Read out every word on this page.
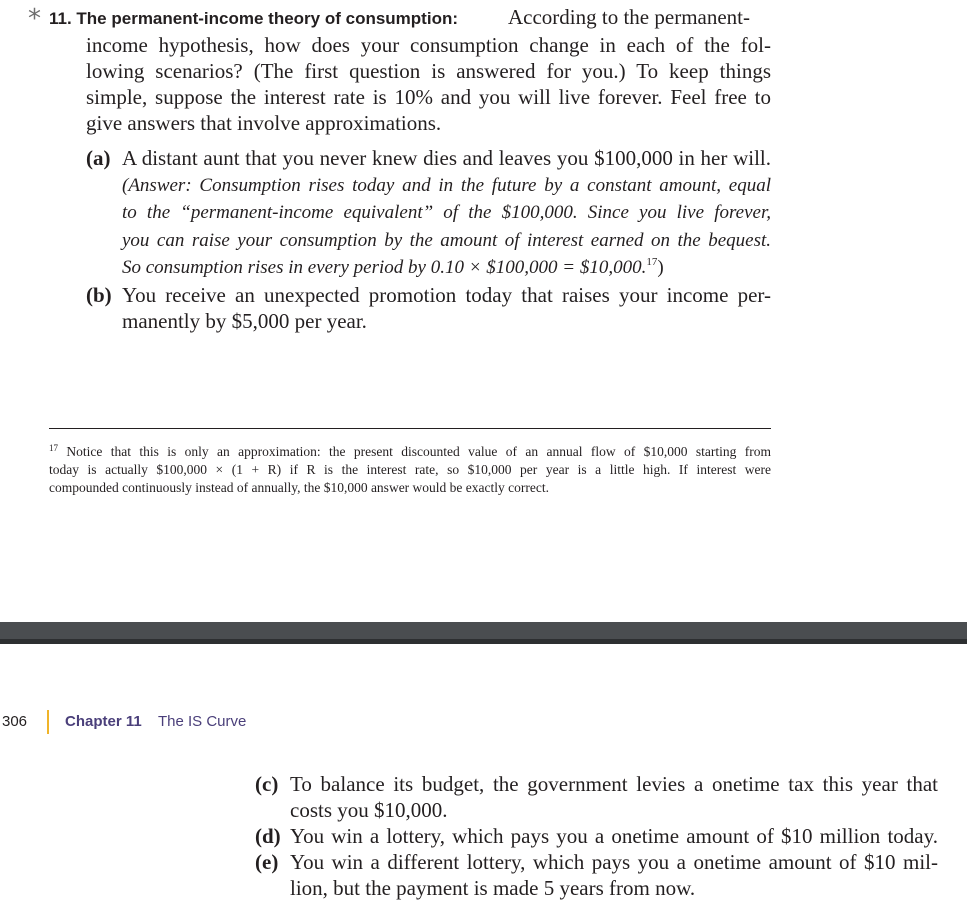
* 11. The permanent-income theory of consumption: According to the permanent-
income hypothesis, how does your consumption change in each of the fol-
lowing scenarios? (The first question is answered for you.) To keep things
simple, suppose the interest rate is 10% and you will live forever. Feel free to
give answers that involve approximations.
(a) A distant aunt that you never knew dies and leaves you $100,000 in her will.
(Answer: Consumption rises today and in the future by a constant amount, equal
to the “permanent-income equivalent” of the $100,000. Since you live forever,
you can raise your consumption by the amount of interest earned on the bequest.
So consumption rises in every period by 0.10 × $100,000 = $10,000.17)
(b) You receive an unexpected promotion today that raises your income per-
manently by $5,000 per year.
$^{17}$ Notice that this is only an approximation: the present discounted value of an annual flow of $10,000 starting from
today is actually $100,000 × (1 + R) if R is the interest rate, so $10,000 per year is a little high. If interest were
compounded continuously instead of annually, the $10,000 answer would be exactly correct.
306	Chapter 11 The IS Curve
(c) To balance its budget, the government levies a onetime tax this year that
costs you $10,000.
(d) You win a lottery, which pays you a onetime amount of $10 million today.
(e) You win a different lottery, which pays you a onetime amount of $10 mil-
lion, but the payment is made 5 years from now.
